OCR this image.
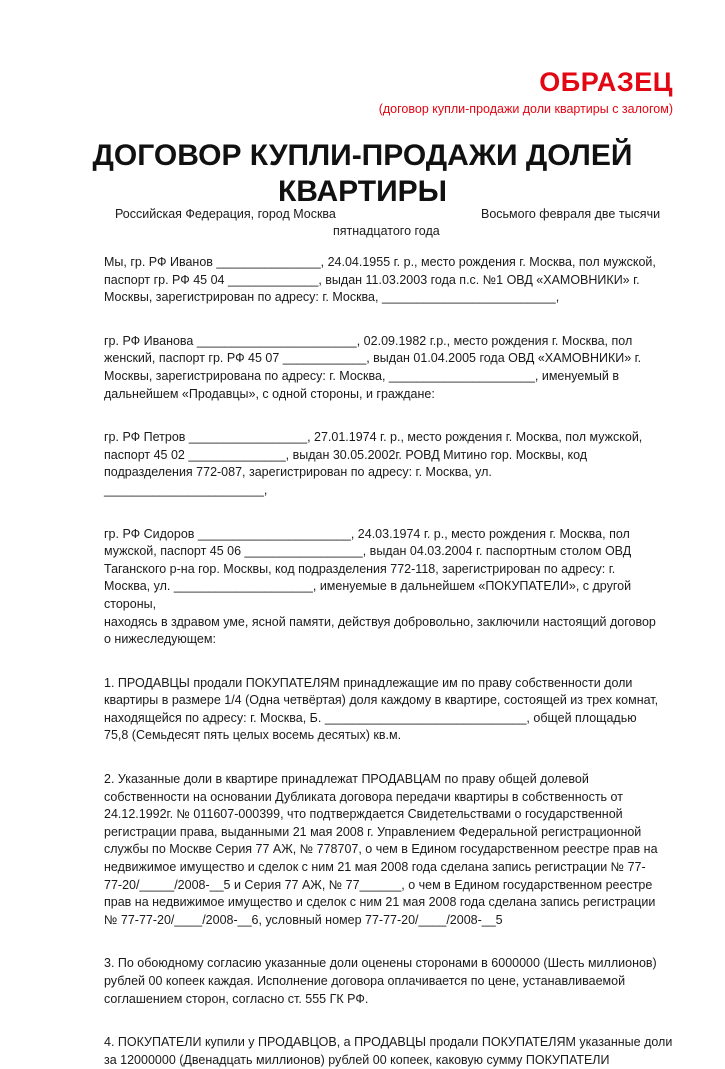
ОБРАЗЕЦ
(договор купли-продажи доли квартиры с залогом)
ДОГОВОР КУПЛИ-ПРОДАЖИ ДОЛЕЙ
КВАРТИРЫ
Российская Федерация, город Москва	Восьмого февраля две тысячи
пятнадцатого года

Мы, гр. РФ Иванов _______________, 24.04.1955 г. р., место рождения г. Москва, пол мужской,
паспорт гр. РФ 45 04 _____________, выдан 11.03.2003 года п.с. №1 ОВД «ХАМОВНИКИ» г.
Москвы, зарегистрирован по адресу: г. Москва, _________________________,

гр. РФ Иванова _______________________, 02.09.1982 г.р., место рождения г. Москва, пол
женский, паспорт гр. РФ 45 07 ____________, выдан 01.04.2005 года ОВД «ХАМОВНИКИ» г.
Москвы, зарегистрирована по адресу: г. Москва, _____________________, именуемый в
дальнейшем «Продавцы», с одной стороны, и граждане:

гр. РФ Петров _________________, 27.01.1974 г. р., место рождения г. Москва, пол мужской,
паспорт 45 02 ______________, выдан 30.05.2002г. РОВД Митино гор. Москвы, код
подразделения 772-087, зарегистрирован по адресу: г. Москва, ул.
_______________________,

гр. РФ Сидоров ______________________, 24.03.1974 г. р., место рождения г. Москва, пол
мужской, паспорт 45 06 _________________, выдан 04.03.2004 г. паспортным столом ОВД
Таганского р-на гор. Москвы, код подразделения 772-118, зарегистрирован по адресу: г.
Москва, ул. ____________________, именуемые в дальнейшем «ПОКУПАТЕЛИ», с другой
стороны,
находясь в здравом уме, ясной памяти, действуя добровольно, заключили настоящий договор
о нижеследующем:

1. ПРОДАВЦЫ продали ПОКУПАТЕЛЯМ принадлежащие им по праву собственности доли
квартиры в размере 1/4 (Одна четвёртая) доля каждому в квартире, состоящей из трех комнат,
находящейся по адресу: г. Москва, Б. _____________________________, общей площадью
75,8 (Семьдесят пять целых восемь десятых) кв.м.

2. Указанные доли в квартире принадлежат ПРОДАВЦАМ по праву общей долевой
собственности на основании Дубликата договора передачи квартиры в собственность от
24.12.1992г. № 011607-000399, что подтверждается Свидетельствами о государственной
регистрации права, выданными 21 мая 2008 г. Управлением Федеральной регистрационной
службы по Москве Серия 77 АЖ, № 778707, о чем в Едином государственном реестре прав на
недвижимое имущество и сделок с ним 21 мая 2008 года сделана запись регистрации № 77-
77-20/_____/2008-__5 и Серия 77 АЖ, № 77______, о чем в Едином государственном реестре
прав на недвижимое имущество и сделок с ним 21 мая 2008 года сделана запись регистрации
№ 77-77-20/____/2008-__6, условный номер 77-77-20/____/2008-__5

3. По обоюдному согласию указанные доли оценены сторонами в 6000000 (Шесть миллионов)
рублей 00 копеек каждая. Исполнение договора оплачивается по цене, устанавливаемой
соглашением сторон, согласно ст. 555 ГК РФ.

4. ПОКУПАТЕЛИ купили у ПРОДАВЦОВ, а ПРОДАВЦЫ продали ПОКУПАТЕЛЯМ указанные доли
за 12000000 (Двенадцать миллионов) рублей 00 копеек, каковую сумму ПОКУПАТЕЛИ
